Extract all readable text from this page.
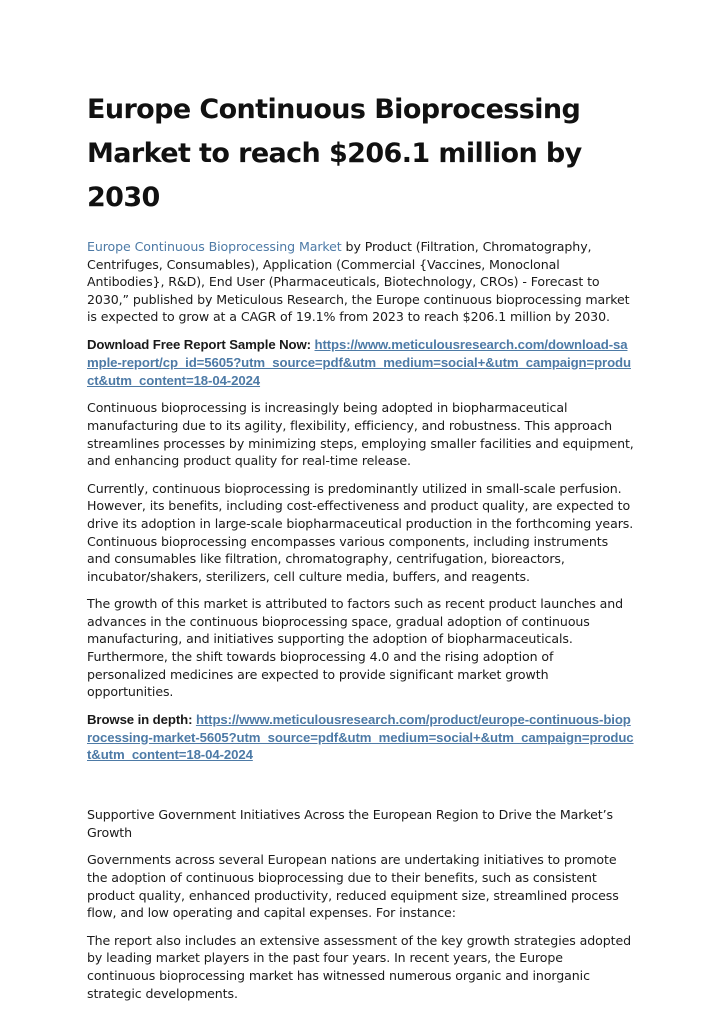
Europe Continuous Bioprocessing Market to reach $206.1 million by 2030

Europe Continuous Bioprocessing Market by Product (Filtration, Chromatography, Centrifuges, Consumables), Application (Commercial {Vaccines, Monoclonal Antibodies}, R&D), End User (Pharmaceuticals, Biotechnology, CROs) - Forecast to 2030,” published by Meticulous Research, the Europe continuous bioprocessing market is expected to grow at a CAGR of 19.1% from 2023 to reach $206.1 million by 2030.

Download Free Report Sample Now: https://www.meticulousresearch.com/download-sample-report/cp_id=5605?utm_source=pdf&utm_medium=social+&utm_campaign=product&utm_content=18-04-2024

Continuous bioprocessing is increasingly being adopted in biopharmaceutical manufacturing due to its agility, flexibility, efficiency, and robustness. This approach streamlines processes by minimizing steps, employing smaller facilities and equipment, and enhancing product quality for real-time release.

Currently, continuous bioprocessing is predominantly utilized in small-scale perfusion. However, its benefits, including cost-effectiveness and product quality, are expected to drive its adoption in large-scale biopharmaceutical production in the forthcoming years. Continuous bioprocessing encompasses various components, including instruments and consumables like filtration, chromatography, centrifugation, bioreactors, incubator/shakers, sterilizers, cell culture media, buffers, and reagents.

The growth of this market is attributed to factors such as recent product launches and advances in the continuous bioprocessing space, gradual adoption of continuous manufacturing, and initiatives supporting the adoption of biopharmaceuticals. Furthermore, the shift towards bioprocessing 4.0 and the rising adoption of personalized medicines are expected to provide significant market growth opportunities.

Browse in depth: https://www.meticulousresearch.com/product/europe-continuous-bioprocessing-market-5605?utm_source=pdf&utm_medium=social+&utm_campaign=product&utm_content=18-04-2024

Supportive Government Initiatives Across the European Region to Drive the Market’s Growth

Governments across several European nations are undertaking initiatives to promote the adoption of continuous bioprocessing due to their benefits, such as consistent product quality, enhanced productivity, reduced equipment size, streamlined process flow, and low operating and capital expenses. For instance:

The report also includes an extensive assessment of the key growth strategies adopted by leading market players in the past four years. In recent years, the Europe continuous bioprocessing market has witnessed numerous organic and inorganic strategic developments.
